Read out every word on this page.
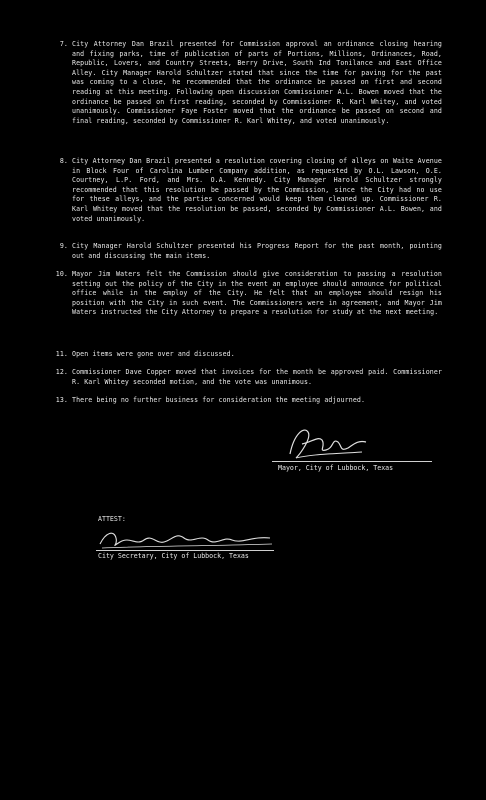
7. City Attorney Dan Brazil presented for Commission approval an ordinance closing hearing and fixing parks, time of publication of parts of Portions, Millions, Ordinances, Road, Republic, Lovers, and Country Streets, Berry Drive, South Ind Tonilance and East Office Alley. City Manager Harold Schultzer stated that since the time for paving for the past was coming to a close, he recommended that the ordinance be passed on first and second reading at this meeting. Following open discussion Commissioner A.L. Bowen moved that the ordinance be passed on first reading, seconded by Commissioner R. Karl Whitey, and voted unanimously. Commissioner Faye Foster moved that the ordinance be passed on second and final reading, seconded by Commissioner R. Karl Whitey, and voted unanimously.
8. City Attorney Dan Brazil presented a resolution covering closing of alleys on Waite Avenue in Block Four of Carolina Lumber Company addition, as requested by O.L. Lawson, O.E. Courtney, L.P. Ford, and Mrs. O.A. Kennedy. City Manager Harold Schultzer strongly recommended that this resolution be passed by the Commission, since the City had no use for these alleys, and the parties concerned would keep them cleaned up. Commissioner R. Karl Whitey moved that the resolution be passed, seconded by Commissioner A.L. Bowen, and voted unanimously.
9. City Manager Harold Schultzer presented his Progress Report for the past month, pointing out and discussing the main items.
10. Mayor Jim Waters felt the Commission should give consideration to passing a resolution setting out the policy of the City in the event an employee should announce for political office while in the employ of the City. He felt that an employee should resign his position with the City in such event. The Commissioners were in agreement, and Mayor Jim Waters instructed the City Attorney to prepare a resolution for study at the next meeting.
11. Open items were gone over and discussed.
12. Commissioner Dave Copper moved that invoices for the month be approved paid. Commissioner R. Karl Whitey seconded motion, and the vote was unanimous.
13. There being no further business for consideration the meeting adjourned.
Mayor, City of Lubbock, Texas
ATTEST:
City Secretary, City of Lubbock, Texas
